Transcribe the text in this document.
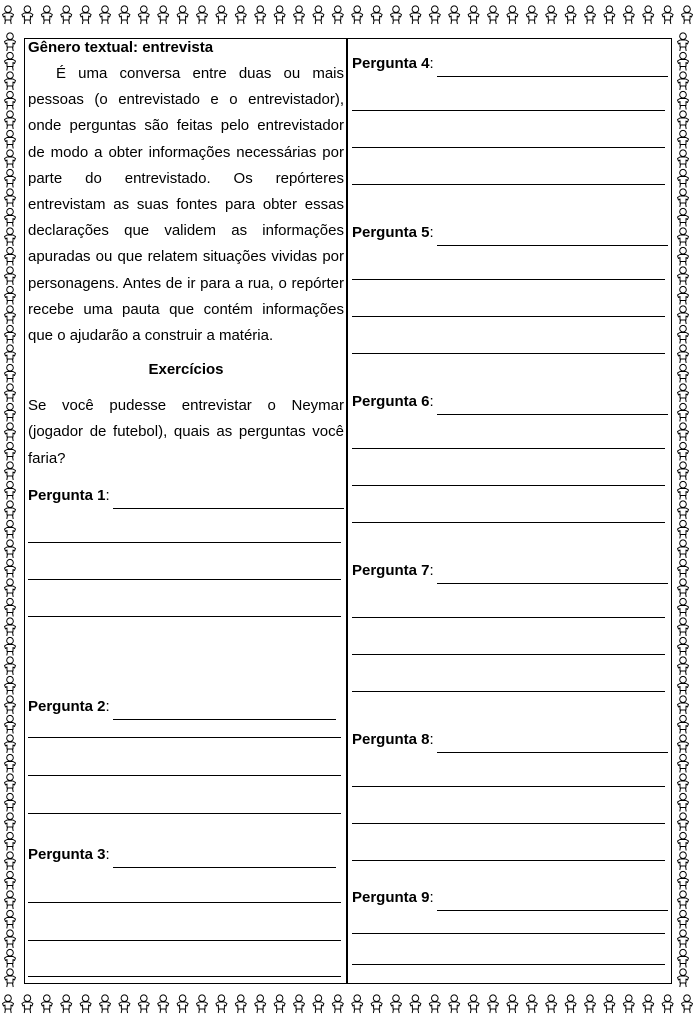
Gênero textual: entrevista

É uma conversa entre duas ou mais pessoas (o entrevistado e o entrevistador), onde perguntas são feitas pelo entrevistador de modo a obter informações necessárias por parte do entrevistado. Os repórteres entrevistam as suas fontes para obter essas declarações que validem as informações apuradas ou que relatem situações vividas por personagens. Antes de ir para a rua, o repórter recebe uma pauta que contém informações que o ajudarão a construir a matéria.

Exercícios

Se você pudesse entrevistar o Neymar (jogador de futebol), quais as perguntas você faria?

Pergunta 1 :
Pergunta 2 :
Pergunta 3 :
Pergunta 4 :
Pergunta 5 :
Pergunta 6 :
Pergunta 7 :
Pergunta 8 :
Pergunta 9 :
